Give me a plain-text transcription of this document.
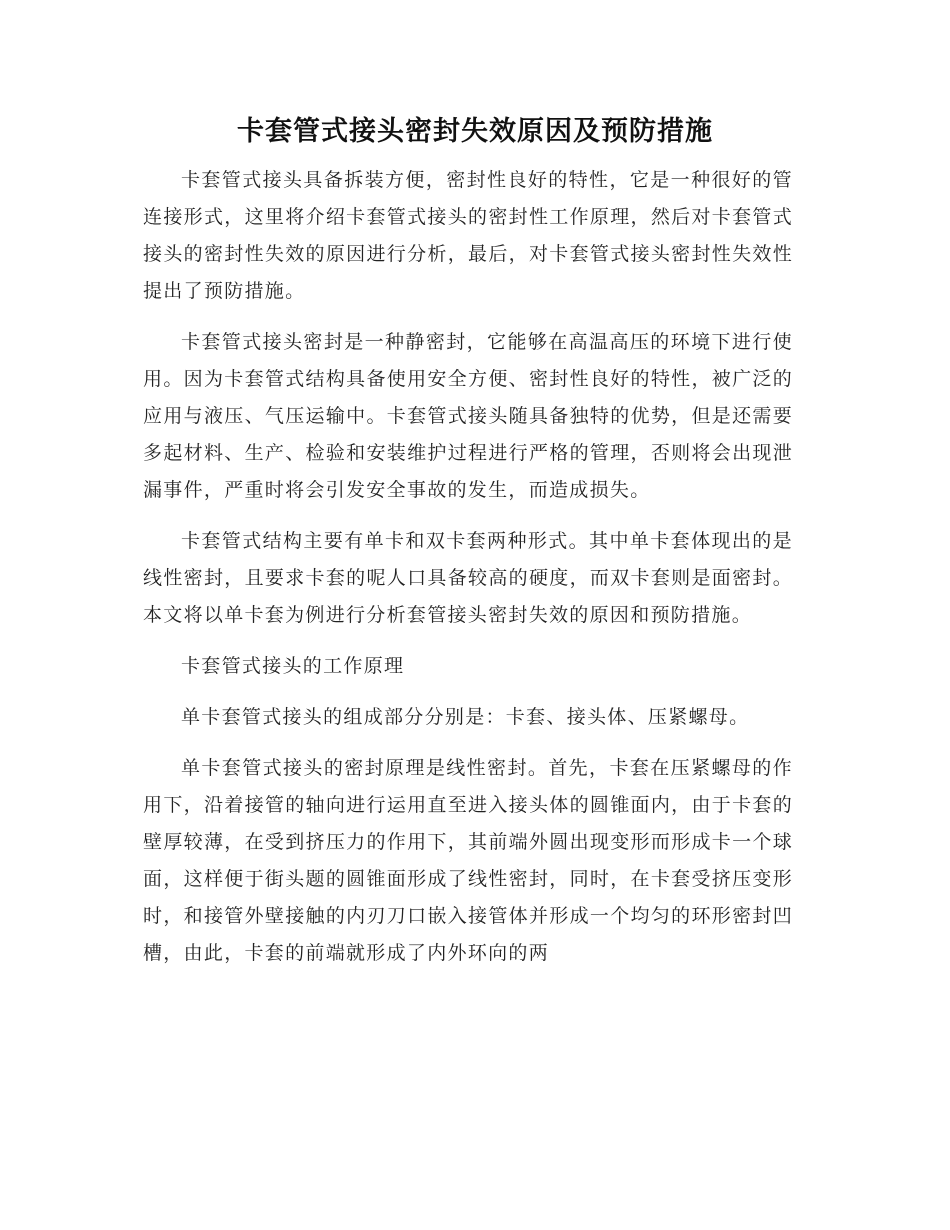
卡套管式接头密封失效原因及预防措施

卡套管式接头具备拆装方便，密封性良好的特性，它是一种很好的管连接形式，这里将介绍卡套管式接头的密封性工作原理，然后对卡套管式接头的密封性失效的原因进行分析，最后，对卡套管式接头密封性失效性提出了预防措施。

卡套管式接头密封是一种静密封，它能够在高温高压的环境下进行使用。因为卡套管式结构具备使用安全方便、密封性良好的特性，被广泛的应用与液压、气压运输中。卡套管式接头随具备独特的优势，但是还需要多起材料、生产、检验和安装维护过程进行严格的管理，否则将会出现泄漏事件，严重时将会引发安全事故的发生，而造成损失。

卡套管式结构主要有单卡和双卡套两种形式。其中单卡套体现出的是线性密封，且要求卡套的呢人口具备较高的硬度，而双卡套则是面密封。本文将以单卡套为例进行分析套管接头密封失效的原因和预防措施。

卡套管式接头的工作原理

单卡套管式接头的组成部分分别是：卡套、接头体、压紧螺母。

单卡套管式接头的密封原理是线性密封。首先，卡套在压紧螺母的作用下，沿着接管的轴向进行运用直至进入接头体的圆锥面内，由于卡套的壁厚较薄，在受到挤压力的作用下，其前端外圆出现变形而形成卡一个球面，这样便于街头题的圆锥面形成了线性密封，同时，在卡套受挤压变形时，和接管外壁接触的内刃刀口嵌入接管体并形成一个均匀的环形密封凹槽，由此，卡套的前端就形成了内外环向的两
